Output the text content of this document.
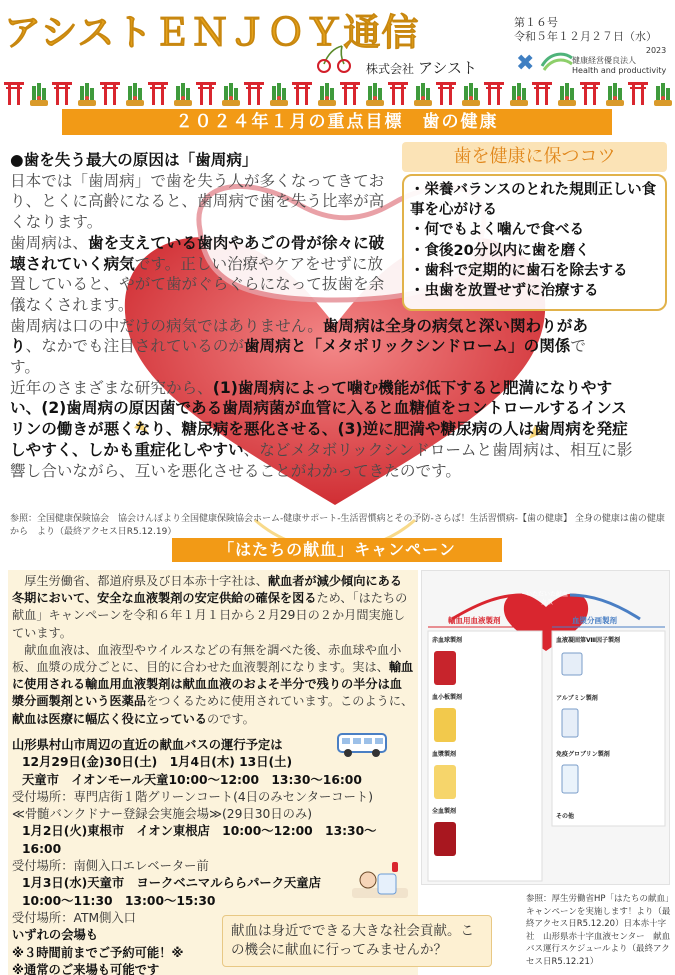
アシストＥＮＪＯＹ通信	第１６号
令和５年１２月２７日（水）
株式会社 アシスト ✖
2023
健康経営優良法人
Health and productivity
２０２４年１月の重点目標　歯の健康
歯を健康に保つコツ
・栄養バランスのとれた規則正しい食事を心がける
・何でもよく噛んで食べる
・食後20分以内に歯を磨く
・歯科で定期的に歯石を除去する
・虫歯を放置せずに治療する
●歯を失う最大の原因は「歯周病」
日本では「歯周病」で歯を失う人が多くなってきており、とくに高齢になると、歯周病で歯を失う比率が高くなります。
歯周病は、歯を支えている歯肉やあごの骨が徐々に破壊されていく病気です。正しい治療やケアをせずに放置していると、やがて歯がぐらぐらになって抜歯を余儀なくされます。
歯周病は口の中だけの病気ではありません。歯周病は全身の病気と深い関わりがあり、なかでも注目されているのが歯周病と「メタボリックシンドローム」の関係です。
近年のさまざまな研究から、(1)歯周病によって噛む機能が低下すると肥満になりやすい、(2)歯周病の原因菌である歯周病菌が血管に入ると血糖値をコントロールするインスリンの働きが悪くなり、糖尿病を悪化させる、(3)逆に肥満や糖尿病の人は歯周病を発症しやすく、しかも重症化しやすい、などメタボリックシンドロームと歯周病は、相互に影響し合いながら、互いを悪化させることがわかってきたのです。
参照：全国健康保険協会　協会けんぽより全国健康保険協会ホーム-健康サポート-生活習慣病とその予防-さらば！生活習慣病-【歯の健康】 全身の健康は歯の健康から　より（最終アクセス日R5.12.19）
「はたちの献血」キャンペーン

厚生労働省、都道府県及び日本赤十字社は、献血者が減少傾向にある冬期において、安全な血液製剤の安定供給の確保を図るため、「はたちの献血」キャンペーンを令和６年１月１日から２月29日の２か月間実施しています。

献血血液は、血液型やウイルスなどの有無を調べた後、赤血球や血小板、血漿の成分ごとに、目的に合わせた血液製剤になります。実は、輸血に使用される輸血用血液製剤は献血血液のおよそ半分で残りの半分は血漿分画製剤という医薬品をつくるために使用されています。このように、献血は医療に幅広く役に立っているのです。

いただいた献血血液
輸血用血液製剤	血漿分画製剤
赤血球製剤
血小板製剤
血漿製剤
全血製剤
血液凝固第Ⅷ因子製剤
アルブミン製剤
免疫グロブリン製剤
その他
山形県村山市周辺の直近の献血バスの運行予定は
12月29日(金)30日(土)　1月4日(木) 13日(土)
天童市　イオンモール天童10:00～12:00　13:30～16:00
受付場所：専門店街１階グリーンコート(4日のみセンターコート)
≪骨髄バンクドナー登録会実施会場≫(29日30日のみ)
1月2日(火)東根市　イオン東根店　10:00～12:00　13:30～16:00
受付場所：南側入口エレベーター前
1月3日(水)天童市　ヨークベニマルららパーク天童店
10:00～11:30　13:00～15:30
受付場所：ATM側入口
いずれの会場も
※３時間前までご予約可能！※
※通常のご来場も可能です
参照：厚生労働省HP「はたちの献血」キャンペーンを実施します！より（最終アクセス日R5.12.20）日本赤十字社　山形県赤十字血液センター　献血バス運行スケジュールより（最終アクセス日R5.12.21）
献血は身近でできる大きな社会貢献。この機会に献血に行ってみませんか？
